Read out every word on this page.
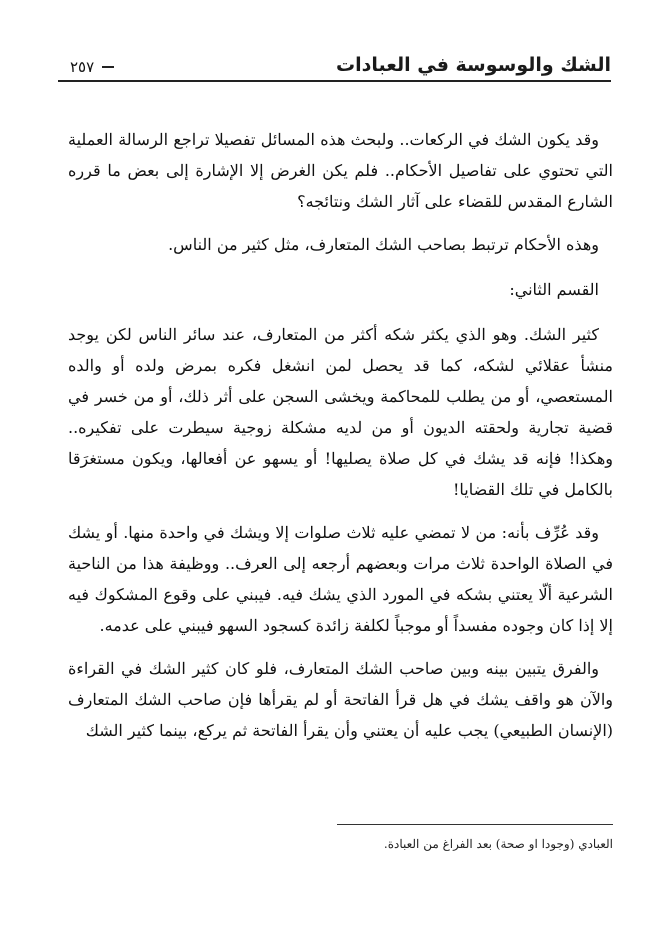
الشك والوسوسة في العبادات
٢٥٧

وقد يكون الشك في الركعات.. ولبحث هذه المسائل تفصيلا تراجع الرسالة العملية التي تحتوي على تفاصيل الأحكام.. فلم يكن الغرض إلا الإشارة إلى بعض ما قرره الشارع المقدس للقضاء على آثار الشك ونتائجه؟

وهذه الأحكام ترتبط بصاحب الشك المتعارف، مثل كثير من الناس.

القسم الثاني:

كثير الشك. وهو الذي يكثر شكه أكثر من المتعارف، عند سائر الناس لكن يوجد منشأ عقلائي لشكه، كما قد يحصل لمن انشغل فكره بمرض ولده أو والده المستعصي، أو من يطلب للمحاكمة ويخشى السجن على أثر ذلك، أو من خسر في قضية تجارية ولحقته الديون أو من لديه مشكلة زوجية سيطرت على تفكيره.. وهكذا! فإنه قد يشك في كل صلاة يصليها! أو يسهو عن أفعالها، ويكون مستغرَقا بالكامل في تلك القضايا!

وقد عُرِّف بأنه: من لا تمضي عليه ثلاث صلوات إلا ويشك في واحدة منها. أو يشك في الصلاة الواحدة ثلاث مرات وبعضهم أرجعه إلى العرف.. ووظيفة هذا من الناحية الشرعية ألّا يعتني بشكه في المورد الذي يشك فيه. فيبني على وقوع المشكوك فيه إلا إذا كان وجوده مفسداً أو موجباً لكلفة زائدة كسجود السهو فيبني على عدمه.

والفرق يتبين بينه وبين صاحب الشك المتعارف، فلو كان كثير الشك في القراءة والآن هو واقف يشك في هل قرأ الفاتحة أو لم يقرأها فإن صاحب الشك المتعارف (الإنسان الطبيعي) يجب عليه أن يعتني وأن يقرأ الفاتحة ثم يركع، بينما كثير الشك

العبادي (وجودا او صحة) بعد الفراغ من العبادة.
